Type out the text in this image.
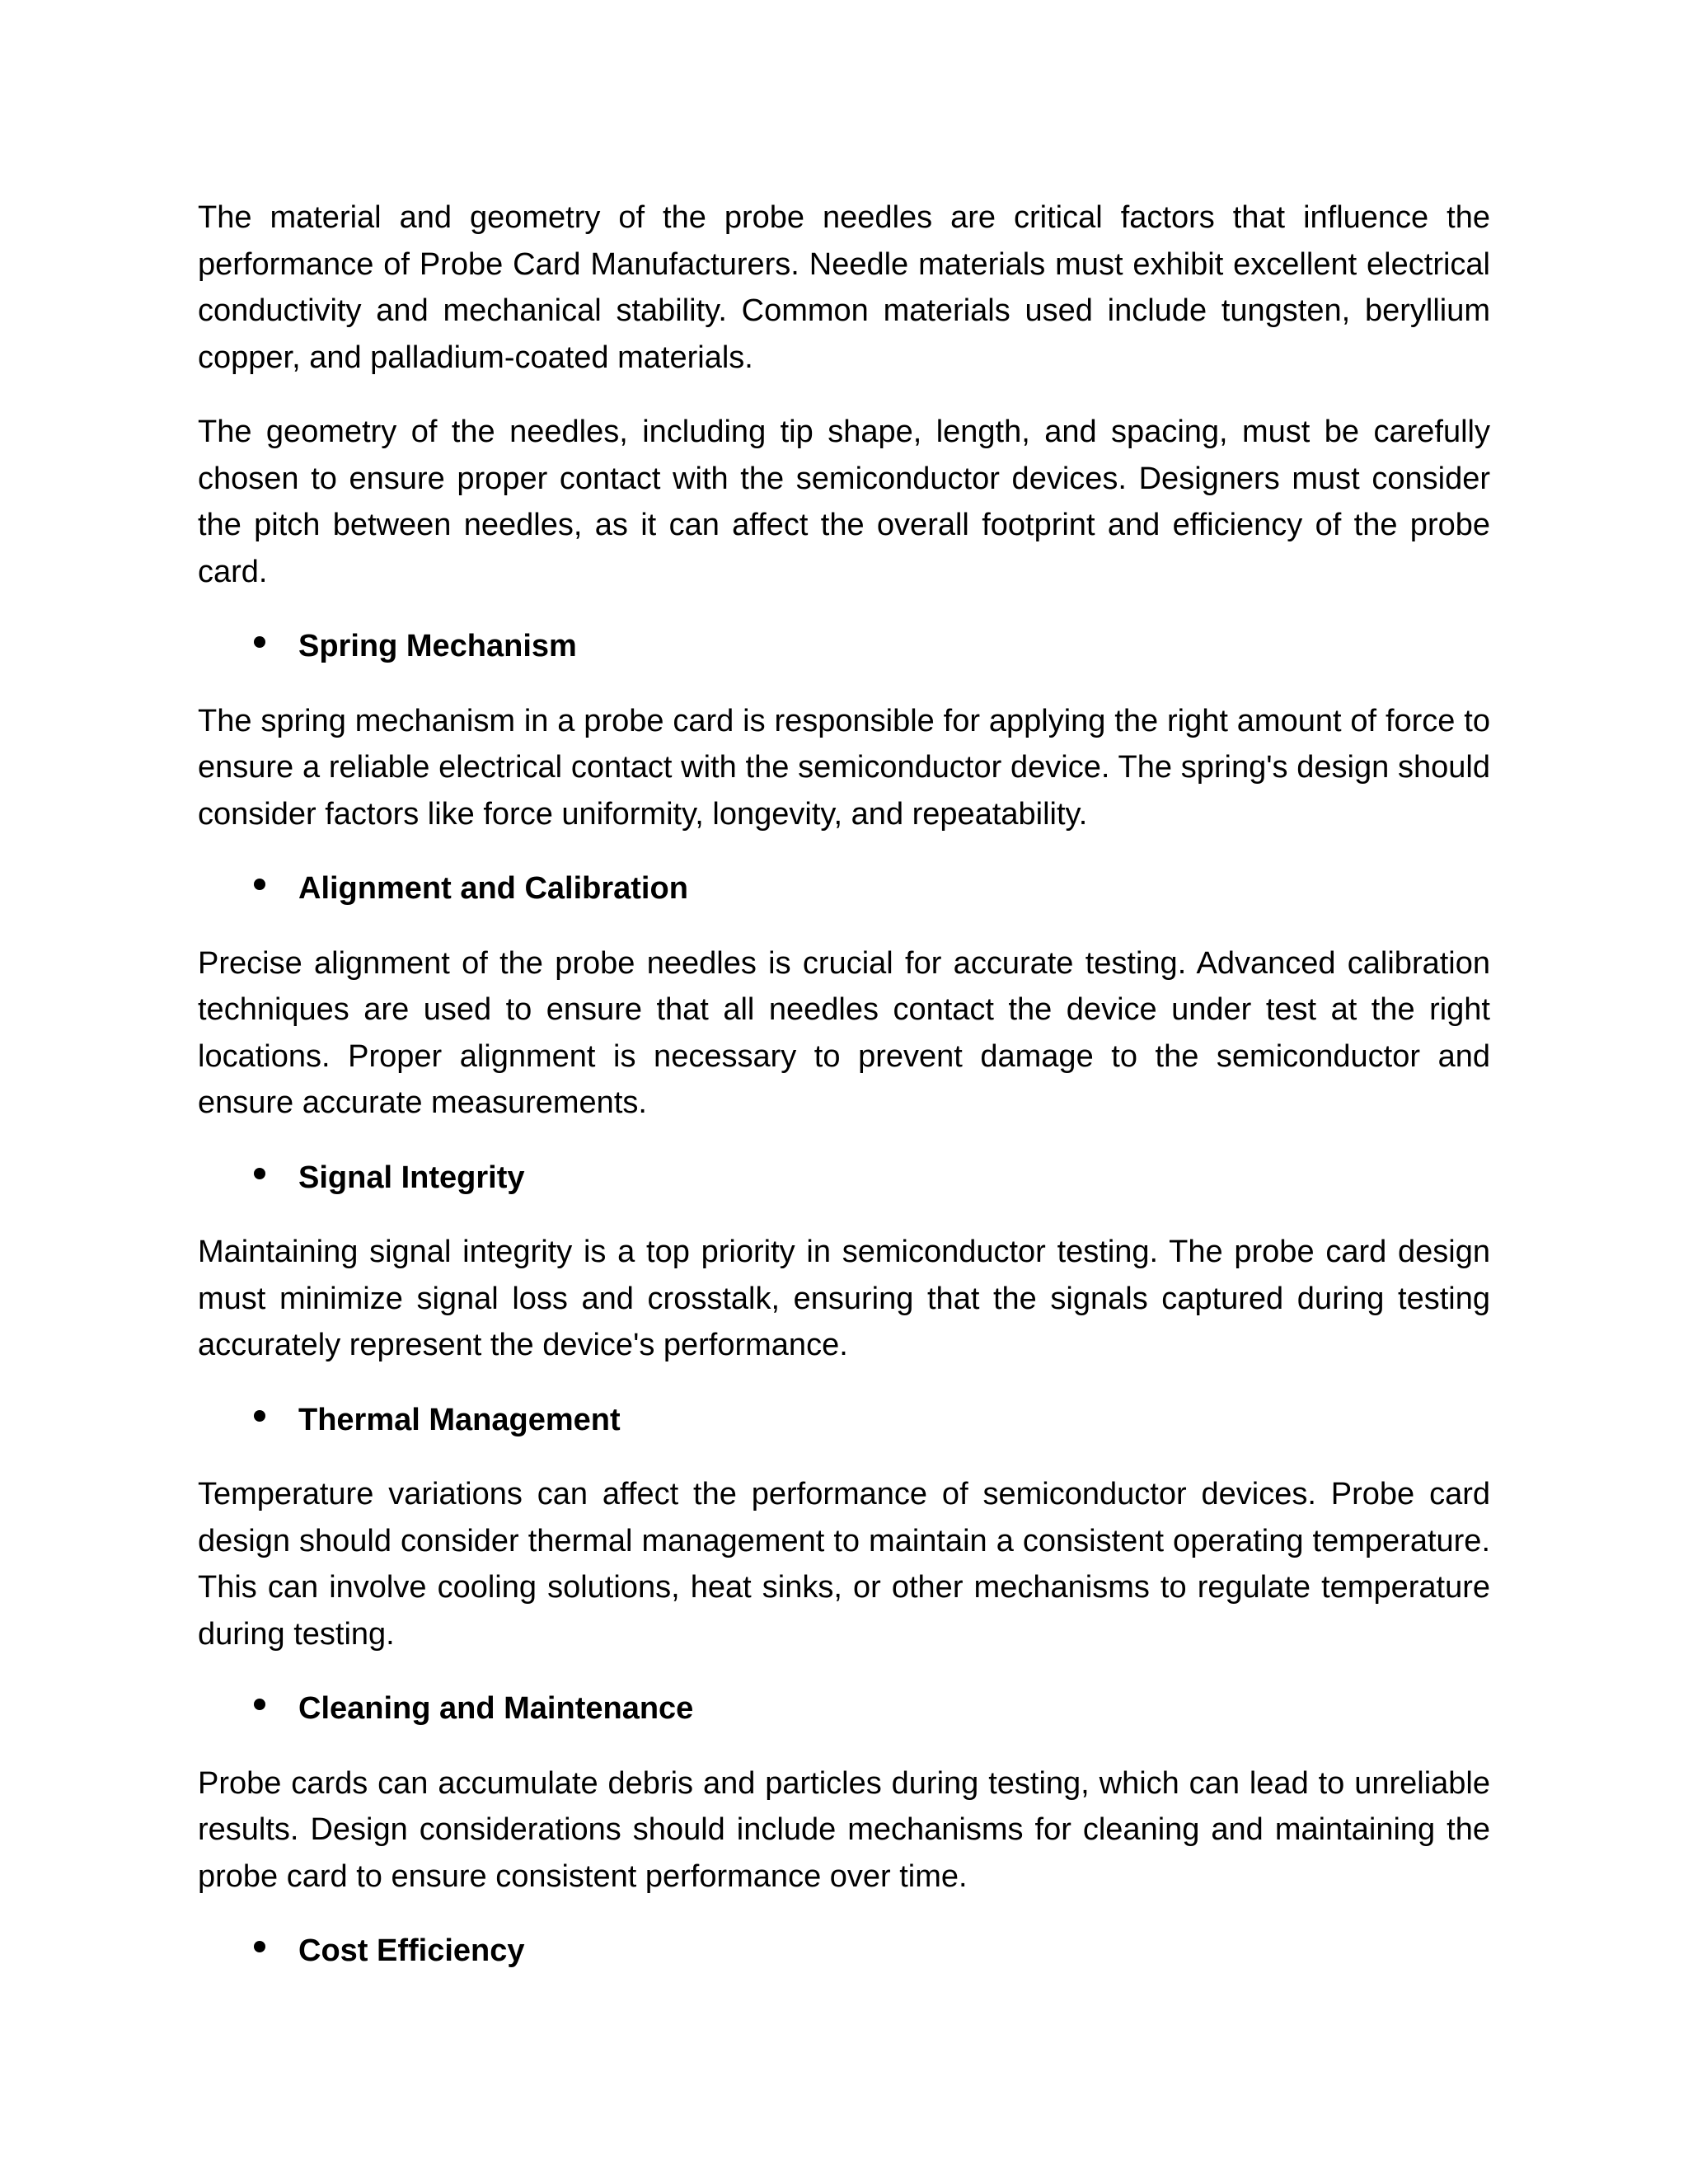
The material and geometry of the probe needles are critical factors that influence the performance of Probe Card Manufacturers. Needle materials must exhibit excellent electrical conductivity and mechanical stability. Common materials used include tungsten, beryllium copper, and palladium-coated materials.

The geometry of the needles, including tip shape, length, and spacing, must be carefully chosen to ensure proper contact with the semiconductor devices. Designers must consider the pitch between needles, as it can affect the overall footprint and efficiency of the probe card.

Spring Mechanism

The spring mechanism in a probe card is responsible for applying the right amount of force to ensure a reliable electrical contact with the semiconductor device. The spring's design should consider factors like force uniformity, longevity, and repeatability.

Alignment and Calibration

Precise alignment of the probe needles is crucial for accurate testing. Advanced calibration techniques are used to ensure that all needles contact the device under test at the right locations. Proper alignment is necessary to prevent damage to the semiconductor and ensure accurate measurements.

Signal Integrity

Maintaining signal integrity is a top priority in semiconductor testing. The probe card design must minimize signal loss and crosstalk, ensuring that the signals captured during testing accurately represent the device's performance.

Thermal Management

Temperature variations can affect the performance of semiconductor devices. Probe card design should consider thermal management to maintain a consistent operating temperature. This can involve cooling solutions, heat sinks, or other mechanisms to regulate temperature during testing.

Cleaning and Maintenance

Probe cards can accumulate debris and particles during testing, which can lead to unreliable results. Design considerations should include mechanisms for cleaning and maintaining the probe card to ensure consistent performance over time.

Cost Efficiency
